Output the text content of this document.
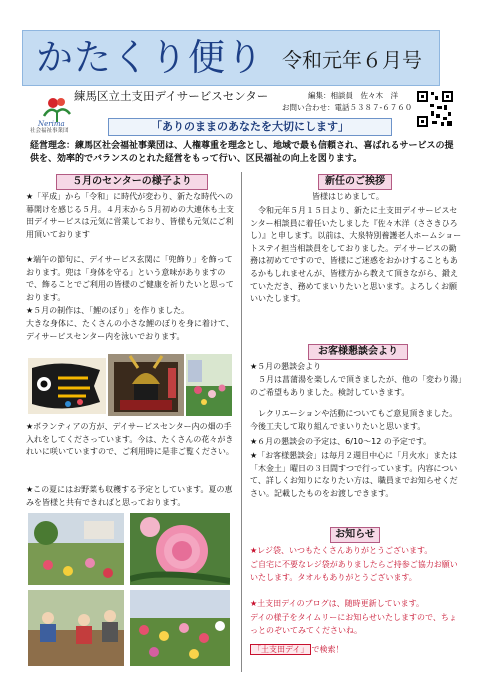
かたくり便り 令和元年６月号
Nerima
社会福祉事業団
練馬区立土支田デイサービスセンター	編集：相談員　佐々木　洋
お問い合わせ：電話５３８７-６７６０
「ありのままのあなたを大切にします」
経営理念：練馬区社会福祉事業団は、人権尊重を理念とし、地域で最も信頼され、喜ばれるサービスの提供を、効率的でバランスのとれた経営をもって行い、区民福祉の向上を図ります。
５月のセンターの様子より
★「平成」から「令和」に時代が変わり、新たな時代への幕開けを感じる５月。４月末から５月初めの大連休も土支田デイサービスは元気に営業しており、皆様も元気にご利用頂いております
★端午の節句に、デイサービス玄関に「兜飾り」を飾っております。兜は「身体を守る」という意味がありますので、飾ることでご利用の皆様のご健康を祈りたいと思っております。
★５月の制作は、「鯉のぼり」を作りました。
大きな身体に、たくさんの小さな鯉のぼりを身に着けて、デイサービスセンター内を泳いでおります。
★ボランティアの方が、デイサービスセンター内の畑の手入れをしてくださっています。今は、たくさんの花々がきれいに咲いていますので、ご利用時に是非ご覧ください。
★この夏にはお野菜も収穫する予定としています。夏の恵みを皆様と共有できればと思っております。
新任のご挨拶
皆様はじめまして。
令和元年５月１５日より、新たに土支田デイサービスセンター相談員に着任いたしました『佐々木洋（ささきひろし）』と申します。以前は、大泉特別養護老人ホームショートステイ担当相談員をしておりました。デイサービスの勤務は初めてですので、皆様にご迷惑をおかけすることもあるかもしれませんが、皆様方から教えて頂きながら、鍛えていただき、務めてまいりたいと思います。よろしくお願いいたします。
お客様懇談会より
★５月の懇談会より
５月は菖蒲湯を楽しんで頂きましたが、他の「変わり湯」のご希望もありました。検討していきます。
レクリエーションや活動についてもご意見頂きました。今後工夫して取り組んでまいりたいと思います。
★６月の懇談会の予定は、6/10～12 の予定です。
★「お客様懇談会」は毎月２週目中心に「月火水」または「木金土」曜日の３日間すつで行っています。内容について、詳しくお知りになりたい方は、職員までお知らせください。記載したものをお渡しできます。
お知らせ
★レジ袋、いつもたくさんありがとうございます。
ご自宅に不要なレジ袋がありましたらご持参ご協力お願いいたします。タオルもありがとうございます。
★土支田デイのブログは、随時更新しています。
デイの様子をタイムリーにお知らせいたしますので、ちょっとのぞいてみてくださいね。
「土支田デイ」 で検索！
